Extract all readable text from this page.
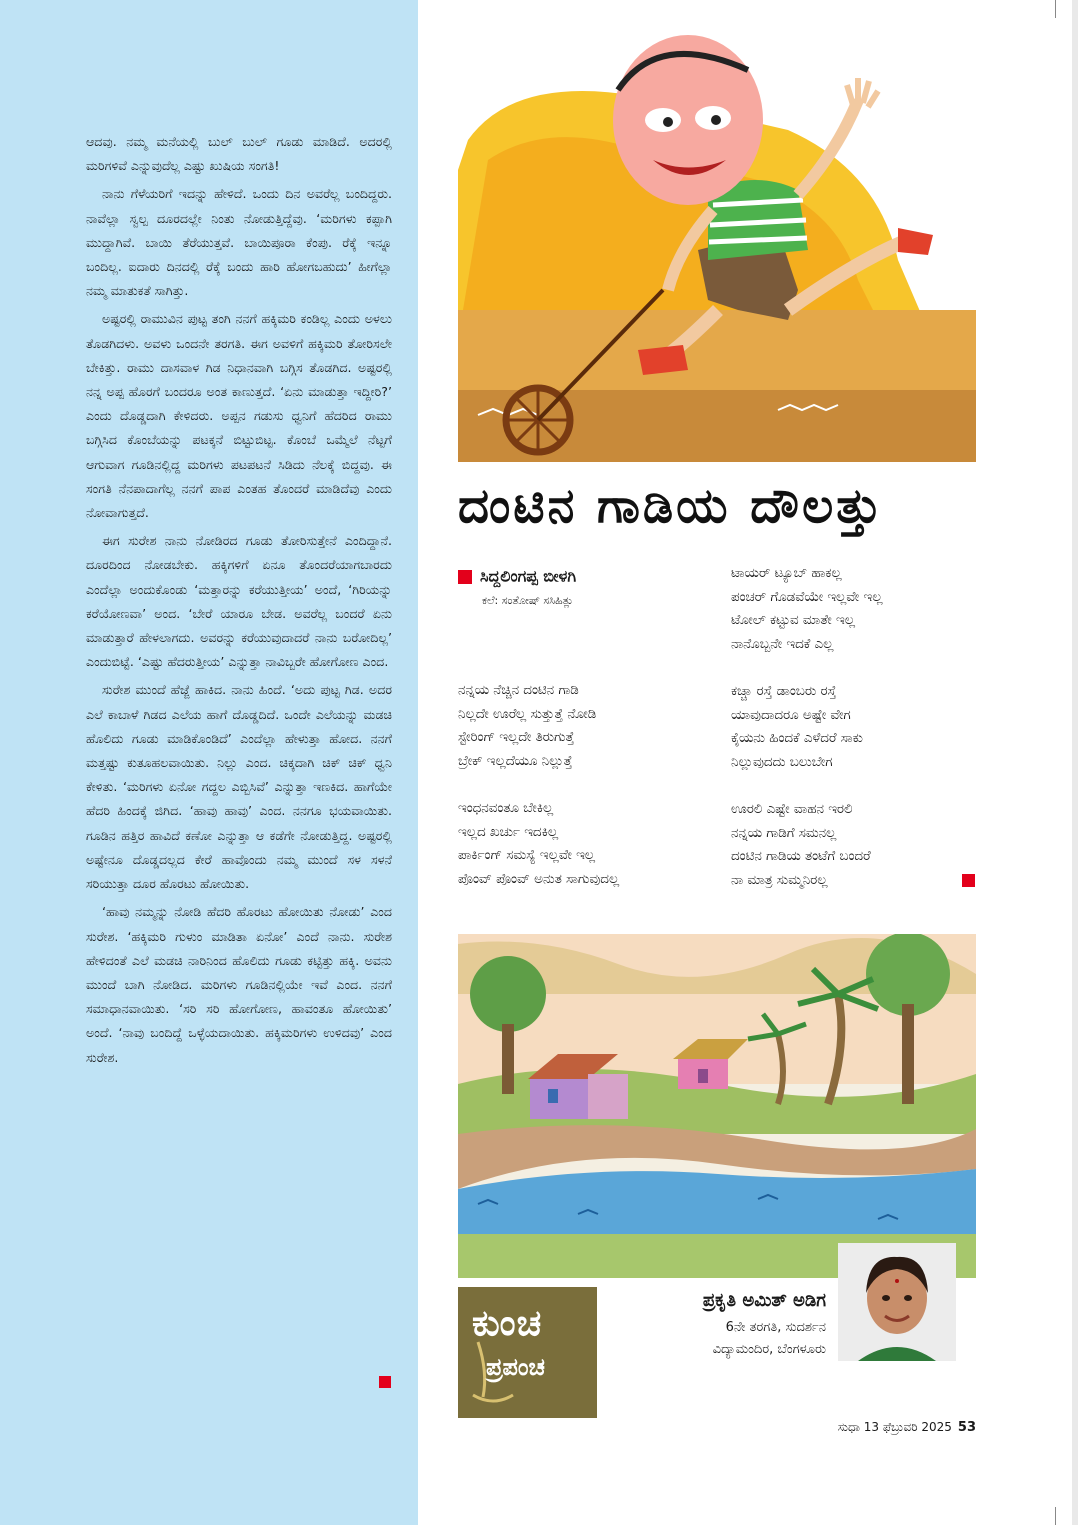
ಆದವು. ನಮ್ಮ ಮನೆಯಲ್ಲಿ ಬುಲ್ ಬುಲ್ ಗೂಡು ಮಾಡಿದೆ. ಅದರಲ್ಲಿ ಮರಿಗಳಿವೆ ಎನ್ನುವುದೆಲ್ಲ ಎಷ್ಟು ಖುಷಿಯ ಸಂಗತಿ!

ನಾನು ಗೆಳೆಯರಿಗೆ ಇದನ್ನು ಹೇಳಿದೆ. ಒಂದು ದಿನ ಅವರೆಲ್ಲ ಬಂದಿದ್ದರು. ನಾವೆಲ್ಲಾ ಸ್ವಲ್ಪ ದೂರದಲ್ಲೇ ನಿಂತು ನೋಡುತ್ತಿದ್ದೆವು. ‘ಮರಿಗಳು ಕಪ್ಪಾಗಿ ಮುದ್ದಾಗಿವೆ. ಬಾಯಿ ತೆರೆಯುತ್ತವೆ. ಬಾಯಿಪೂರಾ ಕೆಂಪು. ರೆಕ್ಕೆ ಇನ್ನೂ ಬಂದಿಲ್ಲ. ಐದಾರು ದಿನದಲ್ಲಿ ರೆಕ್ಕೆ ಬಂದು ಹಾರಿ ಹೋಗಬಹುದು’ ಹೀಗೆಲ್ಲಾ ನಮ್ಮ ಮಾತುಕತೆ ಸಾಗಿತ್ತು.

ಅಷ್ಟರಲ್ಲಿ ರಾಮುವಿನ ಪುಟ್ಟ ತಂಗಿ ನನಗೆ ಹಕ್ಕಿಮರಿ ಕಂಡಿಲ್ಲ ಎಂದು ಅಳಲು ತೊಡಗಿದಳು. ಅವಳು ಒಂದನೇ ತರಗತಿ. ಈಗ ಅವಳಿಗೆ ಹಕ್ಕಿಮರಿ ತೋರಿಸಲೇ ಬೇಕಿತ್ತು. ರಾಮು ದಾಸವಾಳ ಗಿಡ ನಿಧಾನವಾಗಿ ಬಗ್ಗಿಸ ತೊಡಗಿದ. ಅಷ್ಟರಲ್ಲಿ ನನ್ನ ಅಪ್ಪ ಹೊರಗೆ ಬಂದರೂ ಅಂತ ಕಾಣುತ್ತದೆ. ‘ಏನು ಮಾಡುತ್ತಾ ಇದ್ದೀರಿ?’ ಎಂದು ದೊಡ್ಡದಾಗಿ ಕೇಳಿದರು. ಅಪ್ಪನ ಗಡುಸು ಧ್ವನಿಗೆ ಹೆದರಿದ ರಾಮು ಬಗ್ಗಿಸಿದ ಕೊಂಬೆಯನ್ನು ಪಟಕ್ಕನೆ ಬಿಟ್ಟುಬಿಟ್ಟ. ಕೊಂಬೆ ಒಮ್ಮೆಲೆ ನೆಟ್ಟಗೆ ಆಗುವಾಗ ಗೂಡಿನಲ್ಲಿದ್ದ ಮರಿಗಳು ಪಟಪಟನೆ ಸಿಡಿದು ನೆಲಕ್ಕೆ ಬಿದ್ದವು. ಈ ಸಂಗತಿ ನೆನಪಾದಾಗೆಲ್ಲ ನನಗೆ ಪಾಪ ಎಂತಹ ತೊಂದರೆ ಮಾಡಿದೆವು ಎಂದು ನೋವಾಗುತ್ತದೆ.

ಈಗ ಸುರೇಶ ನಾನು ನೋಡಿರದ ಗೂಡು ತೋರಿಸುತ್ತೇನೆ ಎಂದಿದ್ದಾನೆ. ದೂರದಿಂದ ನೋಡಬೇಕು. ಹಕ್ಕಿಗಳಿಗೆ ಏನೂ ತೊಂದರೆಯಾಗಬಾರದು ಎಂದೆಲ್ಲಾ ಅಂದುಕೊಂಡು ‘ಮತ್ತಾರನ್ನು ಕರೆಯುತ್ತೀಯ’ ಅಂದೆ, ‘ಗಿರಿಯನ್ನು ಕರೆಯೋಣವಾ’ ಅಂದ. ‘ಬೇರೆ ಯಾರೂ ಬೇಡ. ಅವರೆಲ್ಲ ಬಂದರೆ ಏನು ಮಾಡುತ್ತಾರೆ ಹೇಳಲಾಗದು. ಅವರನ್ನು ಕರೆಯುವುದಾದರೆ ನಾನು ಬರೋದಿಲ್ಲ’ ಎಂದುಬಿಟ್ಟೆ. ‘ಎಷ್ಟು ಹೆದರುತ್ತೀಯ’ ಎನ್ನುತ್ತಾ ನಾವಿಬ್ಬರೇ ಹೋಗೋಣ ಎಂದ.

ಸುರೇಶ ಮುಂದೆ ಹೆಜ್ಜೆ ಹಾಕಿದ. ನಾನು ಹಿಂದೆ. ‘ಅದು ಪುಟ್ಟ ಗಿಡ. ಅದರ ಎಲೆ ಕಾಬಾಳೆ ಗಿಡದ ಎಲೆಯ ಹಾಗೆ ದೊಡ್ಡದಿದೆ. ಒಂದೇ ಎಲೆಯನ್ನು ಮಡಚಿ ಹೊಲಿದು ಗೂಡು ಮಾಡಿಕೊಂಡಿದೆ’ ಎಂದೆಲ್ಲಾ ಹೇಳುತ್ತಾ ಹೋದ. ನನಗೆ ಮತ್ತಷ್ಟು ಕುತೂಹಲವಾಯಿತು. ನಿಲ್ಲು ಎಂದ. ಚಿಕ್ಕದಾಗಿ ಚಿಕ್ ಚಿಕ್ ಧ್ವನಿ ಕೇಳಿತು. ‘ಮರಿಗಳು ಏನೋ ಗದ್ದಲ ಎಬ್ಬಿಸಿವೆ’ ಎನ್ನುತ್ತಾ ಇಣಕಿದ. ಹಾಗೆಯೇ ಹೆದರಿ ಹಿಂದಕ್ಕೆ ಜಿಗಿದ. ‘ಹಾವು ಹಾವು’ ಎಂದ. ನನಗೂ ಭಯವಾಯಿತು. ಗೂಡಿನ ಹತ್ತಿರ ಹಾವಿದೆ ಕಣೋ ಎನ್ನುತ್ತಾ ಆ ಕಡೆಗೇ ನೋಡುತ್ತಿದ್ದ. ಅಷ್ಟರಲ್ಲಿ ಅಷ್ಟೇನೂ ದೊಡ್ಡದಲ್ಲದ ಕೇರೆ ಹಾವೊಂದು ನಮ್ಮ ಮುಂದೆ ಸಳ ಸಳನೆ ಸರಿಯುತ್ತಾ ದೂರ ಹೊರಟು ಹೋಯಿತು.

‘ಹಾವು ನಮ್ಮನ್ನು ನೋಡಿ ಹೆದರಿ ಹೊರಟು ಹೋಯಿತು ನೋಡು’ ಎಂದ ಸುರೇಶ. ‘ಹಕ್ಕಿಮರಿ ಗುಳುಂ ಮಾಡಿತಾ ಏನೋ’ ಎಂದೆ ನಾನು. ಸುರೇಶ ಹೇಳಿದಂತೆ ಎಲೆ ಮಡಚಿ ನಾರಿನಿಂದ ಹೊಲಿದು ಗೂಡು ಕಟ್ಟಿತ್ತು ಹಕ್ಕಿ. ಅವನು ಮುಂದೆ ಬಾಗಿ ನೋಡಿದ. ಮರಿಗಳು ಗೂಡಿನಲ್ಲಿಯೇ ಇವೆ ಎಂದ. ನನಗೆ ಸಮಾಧಾನವಾಯಿತು. ‘ಸರಿ ಸರಿ ಹೋಗೋಣ, ಹಾವಂತೂ ಹೋಯಿತು’ ಅಂದೆ. ‘ನಾವು ಬಂದಿದ್ದೆ ಒಳ್ಳೆಯದಾಯಿತು. ಹಕ್ಕಿಮರಿಗಳು ಉಳಿದವು’ ಎಂದ ಸುರೇಶ.

ದಂಟಿನ ಗಾಡಿಯ ದೌಲತ್ತು
ಸಿದ್ದಲಿಂಗಪ್ಪ ಬೀಳಗಿ
ಕಲೆ: ಸಂತೋಷ್ ಸಸಿಹಿತ್ಲು
ನನ್ನಯ ನೆಚ್ಚಿನ ದಂಟಿನ ಗಾಡಿ
ನಿಲ್ಲದೇ ಊರೆಲ್ಲ ಸುತ್ತುತ್ತೆ ನೋಡಿ
ಸ್ಟೇರಿಂಗ್ ಇಲ್ಲದೇ ತಿರುಗುತ್ತೆ
ಬ್ರೇಕ್ ಇಲ್ಲದೆಯೂ ನಿಲ್ಲುತ್ತೆ
ಇಂಧನವಂತೂ ಬೇಕಿಲ್ಲ
ಇಲ್ಲದ ಖರ್ಚು ಇದಕಿಲ್ಲ
ಪಾರ್ಕಿಂಗ್ ಸಮಸ್ಯೆ ಇಲ್ಲವೇ ಇಲ್ಲ
ಪೊಂವ್ ಪೊಂವ್ ಅನುತ ಸಾಗುವುದಲ್ಲ
ಟಾಯರ್ ಟ್ಯೂಬ್ ಹಾಕಲ್ಲ
ಪಂಚರ್ ಗೊಡವೆಯೇ ಇಲ್ಲವೇ ಇಲ್ಲ
ಟೋಲ್ ಕಟ್ಟುವ ಮಾತೇ ಇಲ್ಲ
ನಾನೊಬ್ಬನೇ ಇದಕೆ ಎಲ್ಲ
ಕಚ್ಚಾ ರಸ್ತೆ ಡಾಂಬರು ರಸ್ತೆ
ಯಾವುದಾದರೂ ಅಷ್ಟೇ ವೇಗ
ಕೈಯನು ಹಿಂದಕೆ ಎಳೆದರೆ ಸಾಕು
ನಿಲ್ಲುವುದದು ಬಲುಬೇಗ
ಊರಲಿ ಎಷ್ಟೇ ವಾಹನ ಇರಲಿ
ನನ್ನಯ ಗಾಡಿಗೆ ಸಮನಲ್ಲ
ದಂಟಿನ ಗಾಡಿಯ ತಂಟೆಗೆ ಬಂದರೆ
ನಾ ಮಾತ್ರ ಸುಮ್ಮನಿರಲ್ಲ
ಕುಂಚ
ಪ್ರಪಂಚ
ಪ್ರಕೃತಿ ಅಮಿತ್ ಅಡಿಗ
6ನೇ ತರಗತಿ, ಸುದರ್ಶನ
ವಿದ್ಯಾಮಂದಿರ, ಬೆಂಗಳೂರು
ಸುಧಾ 13 ಫೆಬ್ರುವರಿ 2025 53
